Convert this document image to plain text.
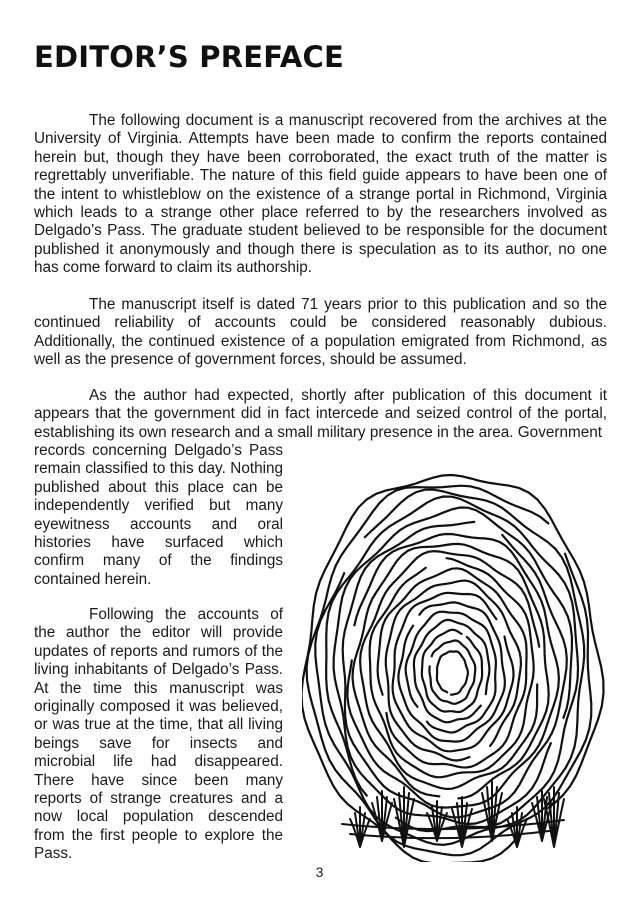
EDITOR’S PREFACE

The following document is a manuscript recovered from the archives at the University of Virginia. Attempts have been made to confirm the reports contained herein but, though they have been corroborated, the exact truth of the matter is regrettably unverifiable. The nature of this field guide appears to have been one of the intent to whistleblow on the existence of a strange portal in Richmond, Virginia which leads to a strange other place referred to by the researchers involved as Delgado’s Pass. The graduate student believed to be responsible for the document published it anonymously and though there is speculation as to its author, no one has come forward to claim its authorship.

The manuscript itself is dated 71 years prior to this publication and so the continued reliability of accounts could be considered reasonably dubious. Additionally, the continued existence of a population emigrated from Richmond, as well as the presence of government forces, should be assumed.

As the author had expected, shortly after publication of this document it appears that the government did in fact intercede and seized control of the portal, establishing its own research and a small military presence in the area. Government

records concerning Delgado’s Pass remain classified to this day. Nothing published about this place can be independently verified but many eyewitness accounts and oral histories have surfaced which confirm many of the findings contained herein.

Following the accounts of the author the editor will provide updates of reports and rumors of the living inhabitants of Delgado’s Pass. At the time this manuscript was originally composed it was believed, or was true at the time, that all living beings save for insects and microbial life had disappeared. There have since been many reports of strange creatures and a now local population descended from the first people to explore the Pass.

3
